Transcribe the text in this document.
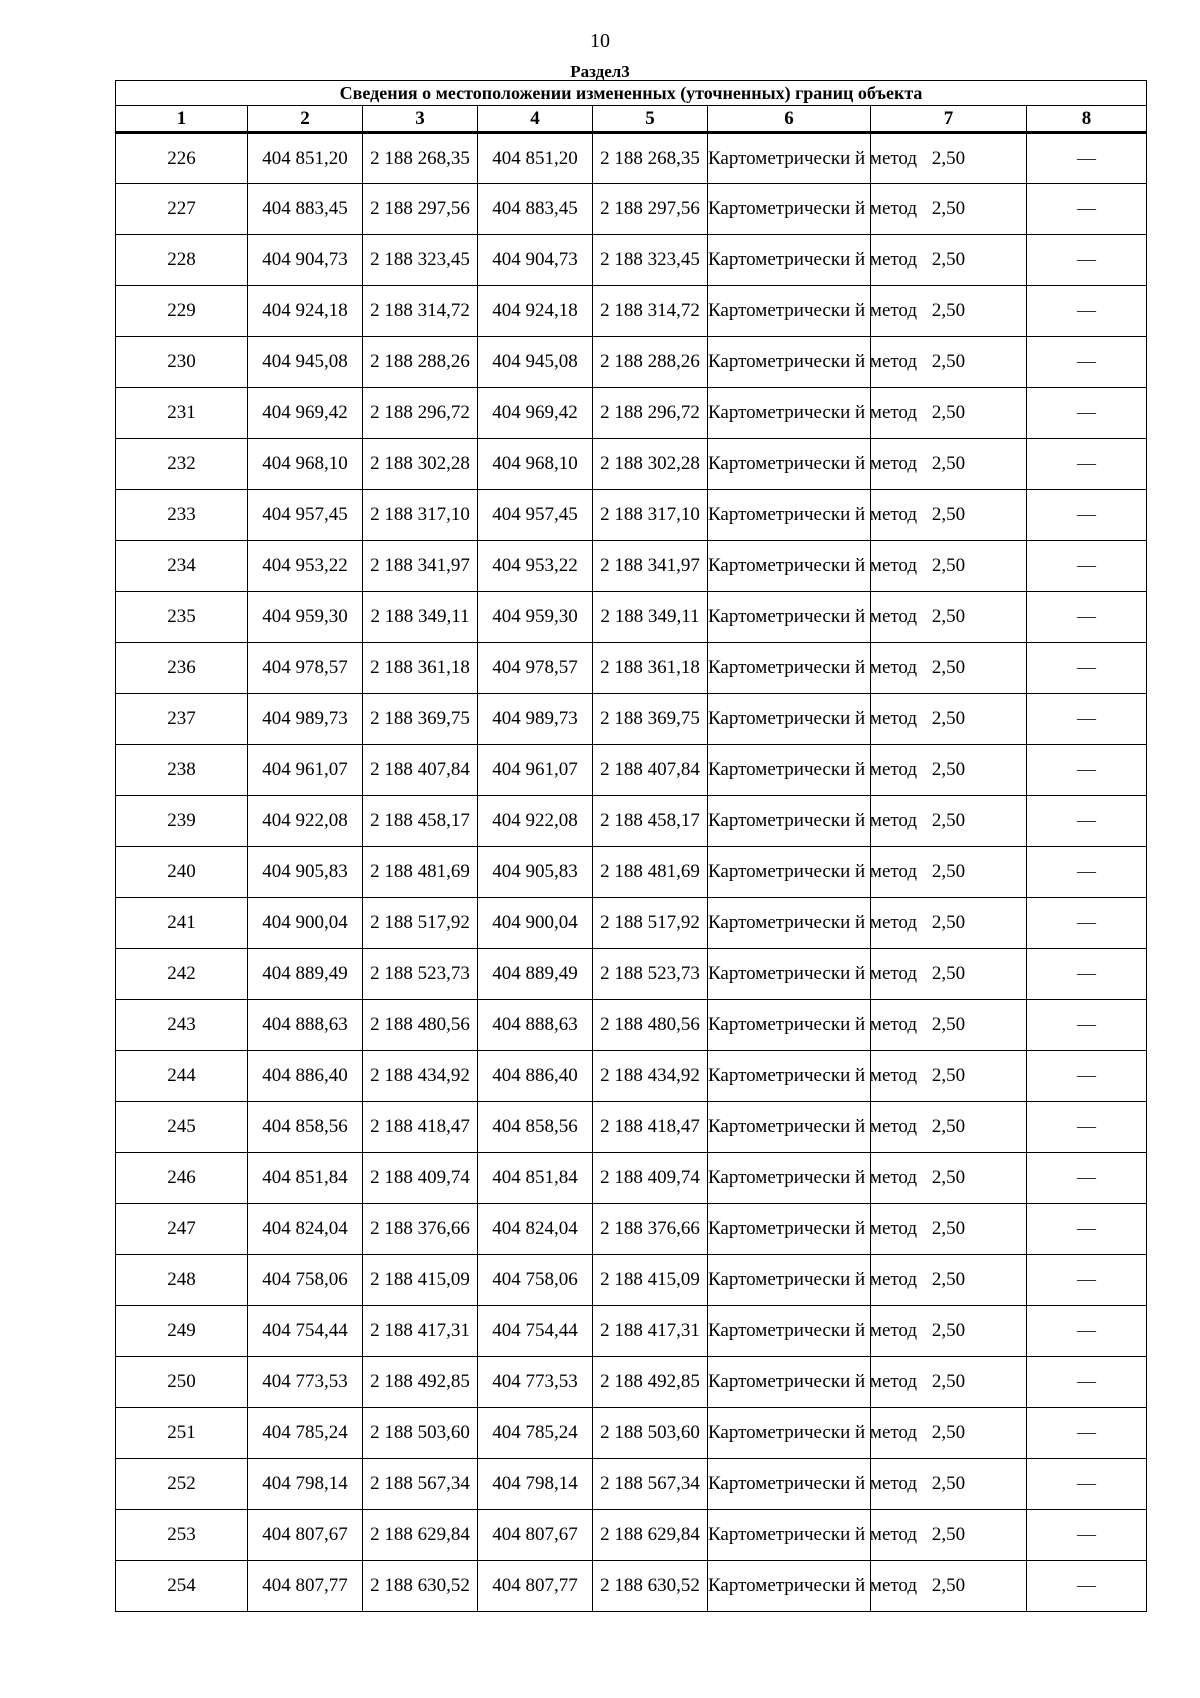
10
Раздел3
Сведения о местоположении измененных (уточненных) границ объекта							
1	2	3	4	5	6	7	8
226	404 851,20	2 188 268,35	404 851,20	2 188 268,35	Картометрически й метод	2,50	—
227	404 883,45	2 188 297,56	404 883,45	2 188 297,56	Картометрически й метод	2,50	—
228	404 904,73	2 188 323,45	404 904,73	2 188 323,45	Картометрически й метод	2,50	—
229	404 924,18	2 188 314,72	404 924,18	2 188 314,72	Картометрически й метод	2,50	—
230	404 945,08	2 188 288,26	404 945,08	2 188 288,26	Картометрически й метод	2,50	—
231	404 969,42	2 188 296,72	404 969,42	2 188 296,72	Картометрически й метод	2,50	—
232	404 968,10	2 188 302,28	404 968,10	2 188 302,28	Картометрически й метод	2,50	—
233	404 957,45	2 188 317,10	404 957,45	2 188 317,10	Картометрически й метод	2,50	—
234	404 953,22	2 188 341,97	404 953,22	2 188 341,97	Картометрически й метод	2,50	—
235	404 959,30	2 188 349,11	404 959,30	2 188 349,11	Картометрически й метод	2,50	—
236	404 978,57	2 188 361,18	404 978,57	2 188 361,18	Картометрически й метод	2,50	—
237	404 989,73	2 188 369,75	404 989,73	2 188 369,75	Картометрически й метод	2,50	—
238	404 961,07	2 188 407,84	404 961,07	2 188 407,84	Картометрически й метод	2,50	—
239	404 922,08	2 188 458,17	404 922,08	2 188 458,17	Картометрически й метод	2,50	—
240	404 905,83	2 188 481,69	404 905,83	2 188 481,69	Картометрически й метод	2,50	—
241	404 900,04	2 188 517,92	404 900,04	2 188 517,92	Картометрически й метод	2,50	—
242	404 889,49	2 188 523,73	404 889,49	2 188 523,73	Картометрически й метод	2,50	—
243	404 888,63	2 188 480,56	404 888,63	2 188 480,56	Картометрически й метод	2,50	—
244	404 886,40	2 188 434,92	404 886,40	2 188 434,92	Картометрически й метод	2,50	—
245	404 858,56	2 188 418,47	404 858,56	2 188 418,47	Картометрически й метод	2,50	—
246	404 851,84	2 188 409,74	404 851,84	2 188 409,74	Картометрически й метод	2,50	—
247	404 824,04	2 188 376,66	404 824,04	2 188 376,66	Картометрически й метод	2,50	—
248	404 758,06	2 188 415,09	404 758,06	2 188 415,09	Картометрически й метод	2,50	—
249	404 754,44	2 188 417,31	404 754,44	2 188 417,31	Картометрически й метод	2,50	—
250	404 773,53	2 188 492,85	404 773,53	2 188 492,85	Картометрически й метод	2,50	—
251	404 785,24	2 188 503,60	404 785,24	2 188 503,60	Картометрически й метод	2,50	—
252	404 798,14	2 188 567,34	404 798,14	2 188 567,34	Картометрически й метод	2,50	—
253	404 807,67	2 188 629,84	404 807,67	2 188 629,84	Картометрически й метод	2,50	—
254	404 807,77	2 188 630,52	404 807,77	2 188 630,52	Картометрически й метод	2,50	—
